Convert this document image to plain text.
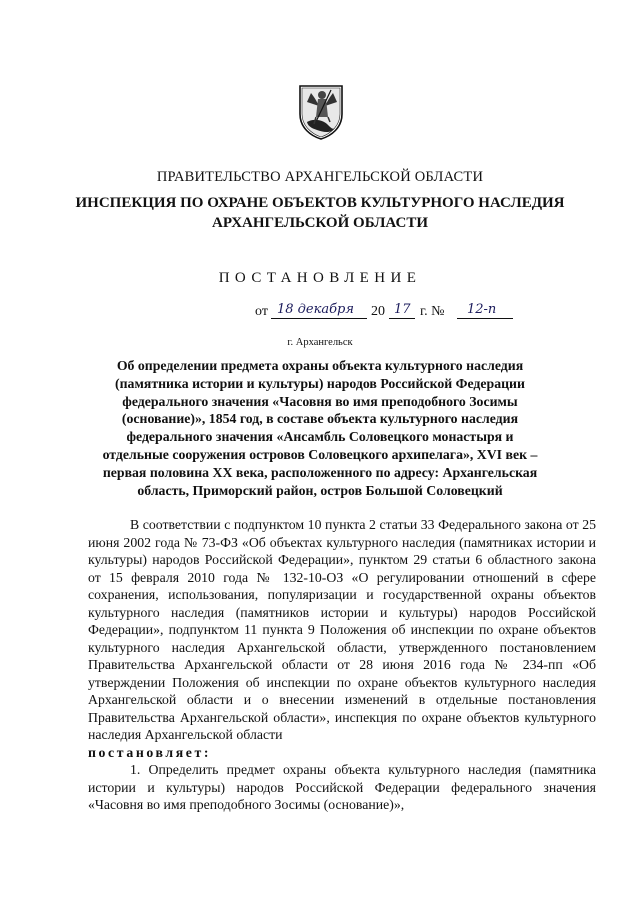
ПРАВИТЕЛЬСТВО АРХАНГЕЛЬСКОЙ ОБЛАСТИ
ИНСПЕКЦИЯ ПО ОХРАНЕ ОБЪЕКТОВ КУЛЬТУРНОГО НАСЛЕДИЯ
АРХАНГЕЛЬСКОЙ ОБЛАСТИ
ПОСТАНОВЛЕНИЕ
от 18 декабря 20 17 г. № 12-п
г. Архангельск
Об определении предмета охраны объекта культурного наследия (памятника истории и культуры) народов Российской Федерации федерального значения «Часовня во имя преподобного Зосимы (основание)», 1854 год, в составе объекта культурного наследия федерального значения «Ансамбль Соловецкого монастыря и отдельные сооружения островов Соловецкого архипелага», XVI век – первая половина XX века, расположенного по адресу: Архангельская область, Приморский район, остров Большой Соловецкий

В соответствии с подпунктом 10 пункта 2 статьи 33 Федерального закона от 25 июня 2002 года № 73-ФЗ «Об объектах культурного наследия (памятниках истории и культуры) народов Российской Федерации», пунктом 29 статьи 6 областного закона от 15 февраля 2010 года № 132-10-ОЗ «О регулировании отношений в сфере сохранения, использования, популяризации и государственной охраны объектов культурного наследия (памятников истории и культуры) народов Российской Федерации», подпунктом 11 пункта 9 Положения об инспекции по охране объектов культурного наследия Архангельской области, утвержденного постановлением Правительства Архангельской области от 28 июня 2016 года № 234-пп «Об утверждении Положения об инспекции по охране объектов культурного наследия Архангельской области и о внесении изменений в отдельные постановления Правительства Архангельской области», инспекция по охране объектов культурного наследия Архангельской области

постановляет:

1. Определить предмет охраны объекта культурного наследия (памятника истории и культуры) народов Российской Федерации федерального значения «Часовня во имя преподобного Зосимы (основание)»,
